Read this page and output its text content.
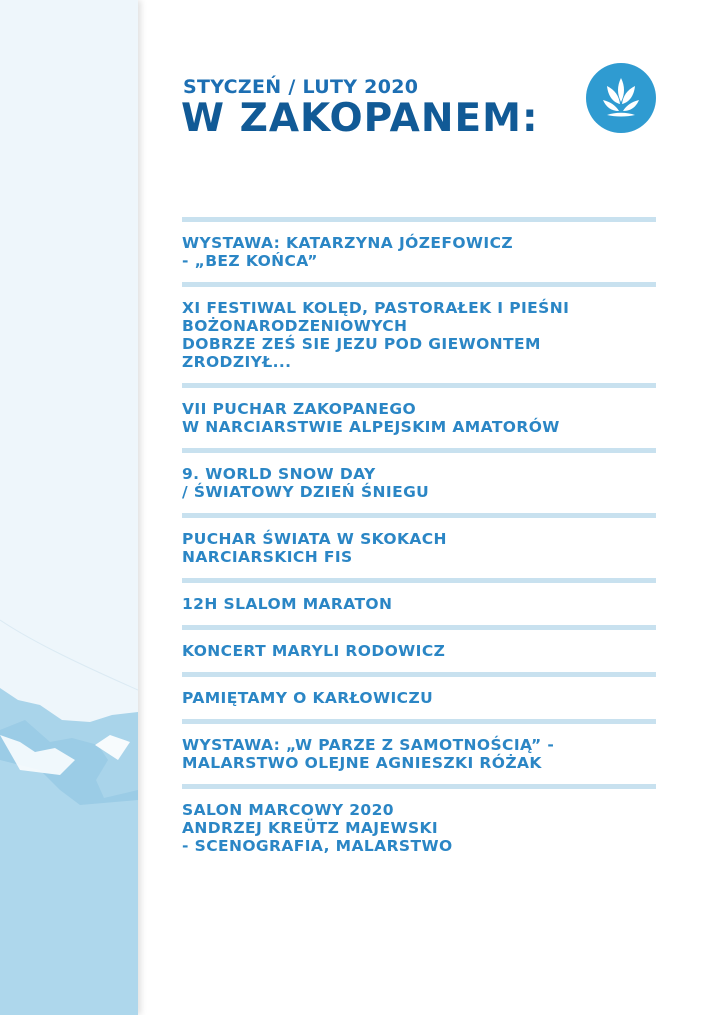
STYCZEŃ / LUTY 2020
W ZAKOPANEM:
WYSTAWA: KATARZYNA JÓZEFOWICZ
- „BEZ KOŃCA”
XI FESTIWAL KOLĘD, PASTORAŁEK I PIEŚNI
BOŻONARODZENIOWYCH
DOBRZE ZEŚ SIE JEZU POD GIEWONTEM
ZRODZIYŁ...
VII PUCHAR ZAKOPANEGO
W NARCIARSTWIE ALPEJSKIM AMATORÓW
9. WORLD SNOW DAY
/ ŚWIATOWY DZIEŃ ŚNIEGU
PUCHAR ŚWIATA W SKOKACH
NARCIARSKICH FIS
12H SLALOM MARATON
KONCERT MARYLI RODOWICZ
PAMIĘTAMY O KARŁOWICZU
WYSTAWA: „W PARZE Z SAMOTNOŚCIĄ” -
MALARSTWO OLEJNE AGNIESZKI RÓŻAK
SALON MARCOWY 2020
ANDRZEJ KREÜTZ MAJEWSKI
- SCENOGRAFIA, MALARSTWO
